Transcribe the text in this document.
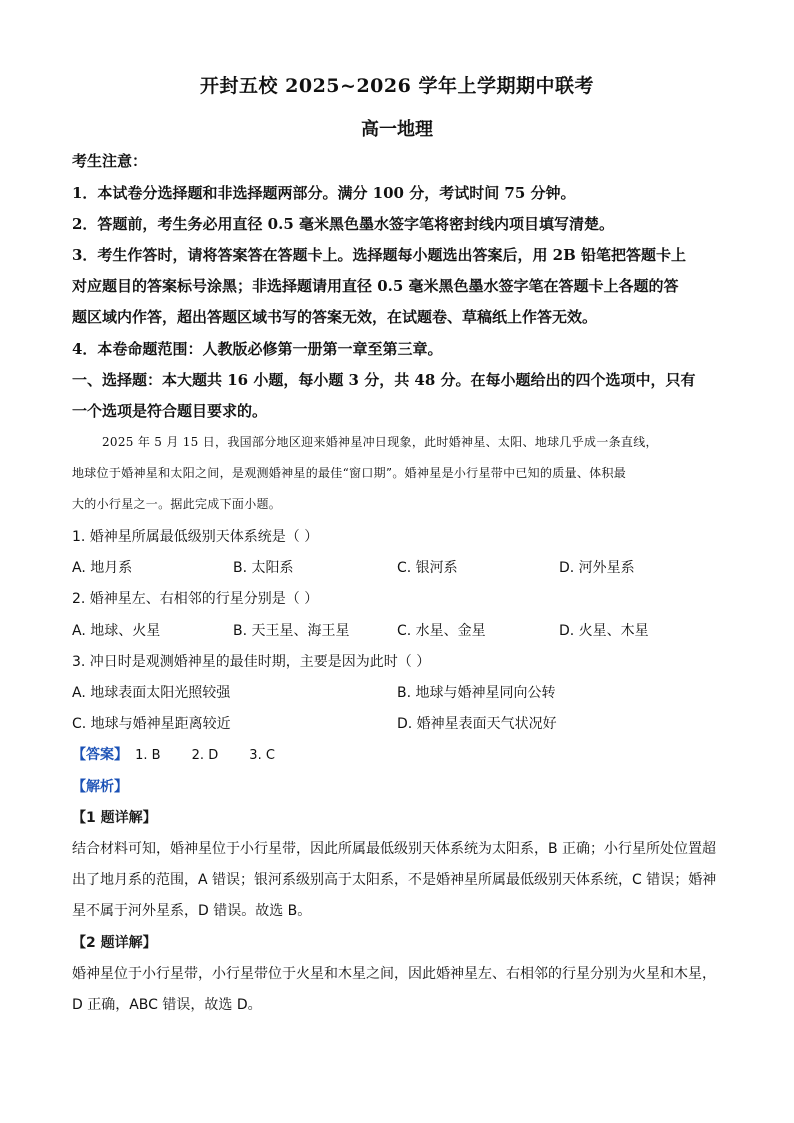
开封五校 2025~2026 学年上学期期中联考
高一地理
考生注意：
1．本试卷分选择题和非选择题两部分。满分 100 分，考试时间 75 分钟。
2．答题前，考生务必用直径 0.5 毫米黑色墨水签字笔将密封线内项目填写清楚。
3．考生作答时，请将答案答在答题卡上。选择题每小题选出答案后，用 2B 铅笔把答题卡上
对应题目的答案标号涂黑；非选择题请用直径 0.5 毫米黑色墨水签字笔在答题卡上各题的答
题区域内作答，超出答题区域书写的答案无效，在试题卷、草稿纸上作答无效。
4．本卷命题范围：人教版必修第一册第一章至第三章。
一、选择题：本大题共 16 小题，每小题 3 分，共 48 分。在每小题给出的四个选项中，只有
一个选项是符合题目要求的。
2025 年 5 月 15 日，我国部分地区迎来婚神星冲日现象，此时婚神星、太阳、地球几乎成一条直线，
地球位于婚神星和太阳之间，是观测婚神星的最佳“窗口期”。婚神星是小行星带中已知的质量、体积最
大的小行星之一。据此完成下面小题。
1. 婚神星所属最低级别天体系统是（ ）
A. 地月系	B. 太阳系	C. 银河系	D. 河外星系
2. 婚神星左、右相邻的行星分别是（ ）
A. 地球、火星	B. 天王星、海王星	C. 水星、金星	D. 火星、木星
3. 冲日时是观测婚神星的最佳时期，主要是因为此时（ ）
A. 地球表面太阳光照较强	B. 地球与婚神星同向公转
C. 地球与婚神星距离较近	D. 婚神星表面天气状况好
【答案】 1. B 2. D 3. C
【解析】
【1 题详解】
结合材料可知，婚神星位于小行星带，因此所属最低级别天体系统为太阳系，B 正确；小行星所处位置超
出了地月系的范围，A 错误；银河系级别高于太阳系，不是婚神星所属最低级别天体系统，C 错误；婚神
星不属于河外星系，D 错误。故选 B。
【2 题详解】
婚神星位于小行星带，小行星带位于火星和木星之间，因此婚神星左、右相邻的行星分别为火星和木星，
D 正确，ABC 错误，故选 D。
